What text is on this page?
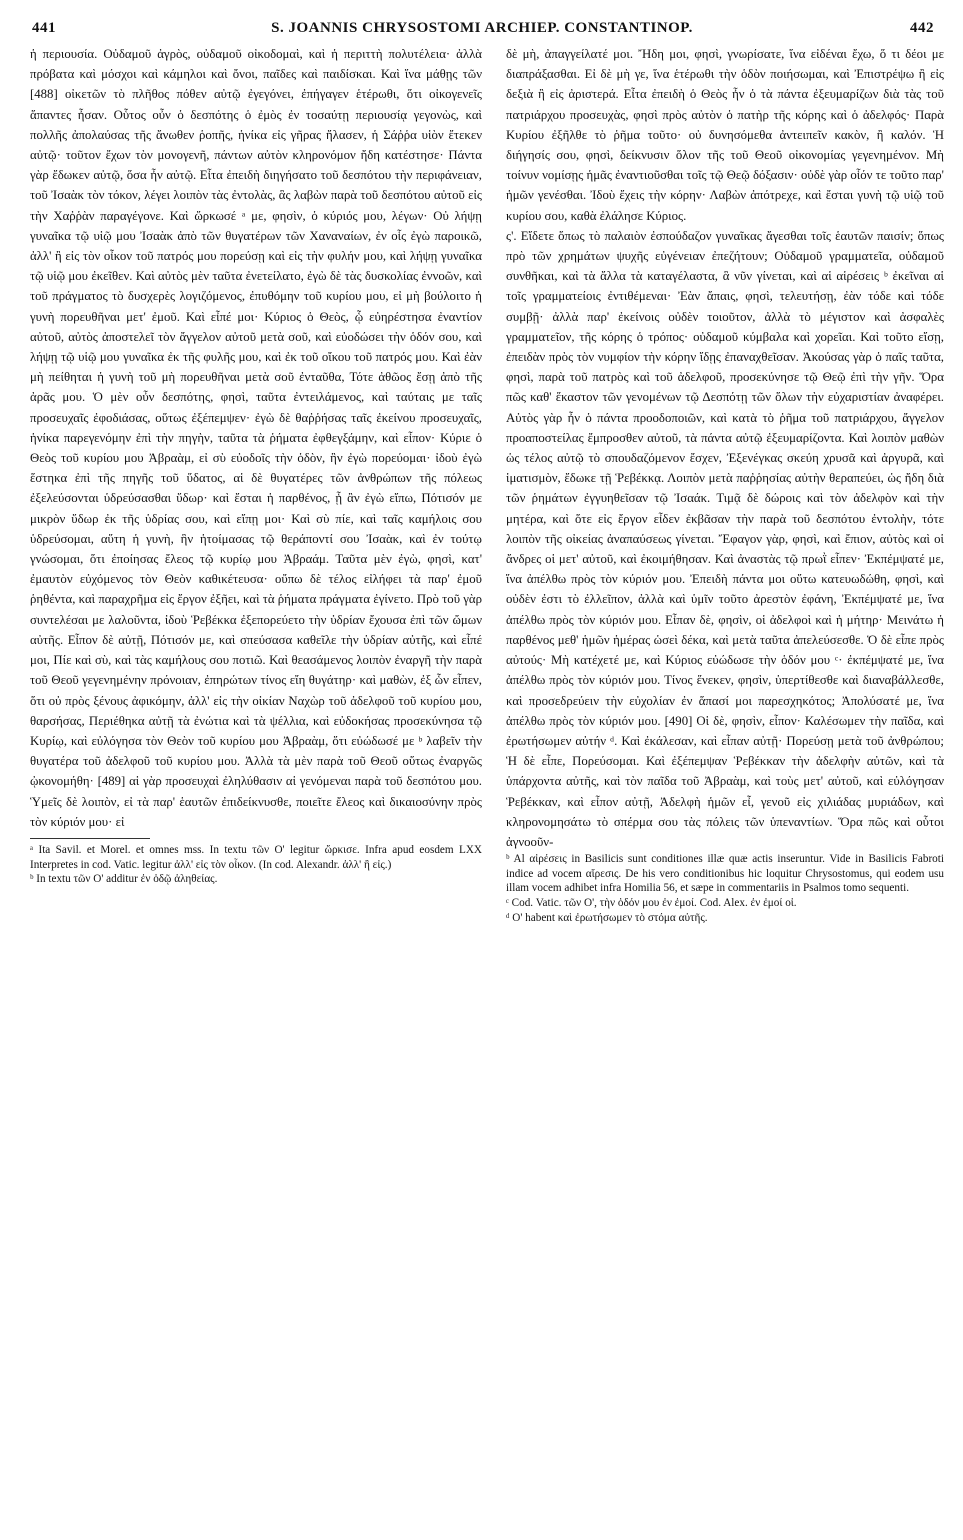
441	S. JOANNIS CHRYSOSTOMI ARCHIEP. CONSTANTINOP.	442

ἡ περιουσία. Οὐδαμοῦ ἀγρὸς, οὐδαμοῦ οἰκοδομαὶ, καὶ ἡ περιττὴ πολυτέλεια· ἀλλὰ πρόβατα καὶ μόσχοι καὶ κάμηλοι καὶ ὄνοι, παῖδες καὶ παιδίσκαι. Καὶ ἵνα μάθῃς τῶν [488] οἰκετῶν τὸ πλῆθος πόθεν αὐτῷ ἐγεγόνει, ἐπήγαγεν ἑτέρωθι, ὅτι οἰκογενεῖς ἅπαντες ἦσαν. Οὗτος οὖν ὁ δεσπότης ὁ ἐμὸς ἐν τοσαύτῃ περιουσίᾳ γεγονὼς, καὶ πολλῆς ἀπολαύσας τῆς ἄνωθεν ῥοπῆς, ἡνίκα εἰς γῆρας ἤλασεν, ἡ Σάῤῥα υἱὸν ἔτεκεν αὐτῷ· τοῦτον ἔχων τὸν μονογενῆ, πάντων αὐτὸν κληρονόμον ἤδη κατέστησε· Πάντα γὰρ ἔδωκεν αὐτῷ, ὅσα ἦν αὐτῷ. Εἶτα ἐπειδὴ διηγήσατο τοῦ δεσπότου τὴν περιφάνειαν, τοῦ Ἰσαὰκ τὸν τόκον, λέγει λοιπὸν τὰς ἐντολὰς, ἃς λαβὼν παρὰ τοῦ δεσπότου αὐτοῦ εἰς τὴν Χαῤῥὰν παραγέγονε. Καὶ ὥρκωσέ ᵃ με, φησὶν, ὁ κύριός μου, λέγων· Οὐ λήψῃ γυναῖκα τῷ υἱῷ μου Ἰσαὰκ ἀπὸ τῶν θυγατέρων τῶν Χαναναίων, ἐν οἷς ἐγὼ παροικῶ, ἀλλ' ἢ εἰς τὸν οἶκον τοῦ πατρός μου πορεύσῃ καὶ εἰς τὴν φυλήν μου, καὶ λήψῃ γυναῖκα τῷ υἱῷ μου ἐκεῖθεν. Καὶ αὐτὸς μὲν ταῦτα ἐνετείλατο, ἐγὼ δὲ τὰς δυσκολίας ἐννοῶν, καὶ τοῦ πράγματος τὸ δυσχερὲς λογιζόμενος, ἐπυθόμην τοῦ κυρίου μου, εἰ μὴ βούλοιτο ἡ γυνὴ πορευθῆναι μετ' ἐμοῦ. Καὶ εἶπέ μοι· Κύριος ὁ Θεὸς, ᾧ εὐηρέστησα ἐναντίον αὐτοῦ, αὐτὸς ἀποστελεῖ τὸν ἄγγελον αὐτοῦ μετὰ σοῦ, καὶ εὐοδώσει τὴν ὁδόν σου, καὶ λήψῃ τῷ υἱῷ μου γυναῖκα ἐκ τῆς φυλῆς μου, καὶ ἐκ τοῦ οἴκου τοῦ πατρός μου. Καὶ ἐὰν μὴ πείθηται ἡ γυνὴ τοῦ μὴ πορευθῆναι μετὰ σοῦ ἐνταῦθα, Τότε ἀθῶος ἔσῃ ἀπὸ τῆς ἀρᾶς μου. Ὁ μὲν οὖν δεσπότης, φησὶ, ταῦτα ἐντειλάμενος, καὶ ταύταις με ταῖς προσευχαῖς ἐφοδιάσας, οὕτως ἐξέπεμψεν· ἐγὼ δὲ θαῤῥήσας ταῖς ἐκείνου προσευχαῖς, ἡνίκα παρεγενόμην ἐπὶ τὴν πηγὴν, ταῦτα τὰ ῥήματα ἐφθεγξάμην, καὶ εἶπον· Κύριε ὁ Θεὸς τοῦ κυρίου μου Ἀβραὰμ, εἰ σὺ εὐοδοῖς τὴν ὁδὸν, ἣν ἐγὼ πορεύομαι· ἰδοὺ ἐγὼ ἕστηκα ἐπὶ τῆς πηγῆς τοῦ ὕδατος, αἱ δὲ θυγατέρες τῶν ἀνθρώπων τῆς πόλεως ἐξελεύσονται ὑδρεύσασθαι ὕδωρ· καὶ ἔσται ἡ παρθένος, ᾗ ἂν ἐγὼ εἴπω, Πότισόν με μικρὸν ὕδωρ ἐκ τῆς ὑδρίας σου, καὶ εἴπῃ μοι· Καὶ σὺ πίε, καὶ ταῖς καμήλοις σου ὑδρεύσομαι, αὕτη ἡ γυνὴ, ἣν ἡτοίμασας τῷ θεράποντί σου Ἰσαὰκ, καὶ ἐν τούτῳ γνώσομαι, ὅτι ἐποίησας ἔλεος τῷ κυρίῳ μου Ἀβραάμ. Ταῦτα μὲν ἐγὼ, φησὶ, κατ' ἐμαυτὸν εὐχόμενος τὸν Θεὸν καθικέτευσα· οὔπω δὲ τέλος εἰλήφει τὰ παρ' ἐμοῦ ῥηθέντα, καὶ παραχρῆμα εἰς ἔργον ἐξῆει, καὶ τὰ ῥήματα πράγματα ἐγίνετο. Πρὸ τοῦ γὰρ συντελέσαι με λαλοῦντα, ἰδοὺ Ῥεβέκκα ἐξεπορεύετο τὴν ὑδρίαν ἔχουσα ἐπὶ τῶν ὤμων αὐτῆς. Εἶπον δὲ αὐτῇ, Πότισόν με, καὶ σπεύσασα καθεῖλε τὴν ὑδρίαν αὐτῆς, καὶ εἶπέ μοι, Πίε καὶ σὺ, καὶ τὰς καμήλους σου ποτιῶ. Καὶ θεασάμενος λοιπὸν ἐναργῆ τὴν παρὰ τοῦ Θεοῦ γεγενημένην πρόνοιαν, ἐπηρώτων τίνος εἴη θυγάτηρ· καὶ μαθὼν, ἐξ ὧν εἶπεν, ὅτι οὐ πρὸς ξένους ἀφικόμην, ἀλλ' εἰς τὴν οἰκίαν Ναχὼρ τοῦ ἀδελφοῦ τοῦ κυρίου μου, θαρσήσας, Περιέθηκα αὐτῇ τὰ ἐνώτια καὶ τὰ ψέλλια, καὶ εὐδοκήσας προσεκύνησα τῷ Κυρίῳ, καὶ εὐλόγησα τὸν Θεὸν τοῦ κυρίου μου Ἀβραὰμ, ὅτι εὐώδωσέ με ᵇ λαβεῖν τὴν θυγατέρα τοῦ ἀδελφοῦ τοῦ κυρίου μου. Ἀλλὰ τὰ μὲν παρὰ τοῦ Θεοῦ οὕτως ἐναργῶς ᾠκονομήθη· [489] αἱ γὰρ προσευχαὶ ἐληλύθασιν αἱ γενόμεναι παρὰ τοῦ δεσπότου μου. Ὑμεῖς δὲ λοιπὸν, εἰ τὰ παρ' ἑαυτῶν ἐπιδείκνυσθε, ποιεῖτε ἔλεος καὶ δικαιοσύνην πρὸς τὸν κύριόν μου· εἰ

ᵃ Ita Savil. et Morel. et omnes mss. In textu τῶν O' legitur ὥρκισε. Infra apud eosdem LXX Interpretes in cod. Vatic. legitur ἀλλ' εἰς τὸν οἶκον. (In cod. Alexandr. ἀλλ' ἢ εἰς.)

ᵇ In textu τῶν O' additur ἐν ὁδῷ ἀληθείας.

δὲ μὴ, ἀπαγγείλατέ μοι. Ἤδη μοι, φησὶ, γνωρίσατε, ἵνα εἰδέναι ἔχω, ὅ τι δέοι με διαπράξασθαι. Εἰ δὲ μὴ γε, ἵνα ἑτέρωθι τὴν ὁδὸν ποιήσωμαι, καὶ Ἐπιστρέψω ἢ εἰς δεξιὰ ἢ εἰς ἀριστερά. Εἶτα ἐπειδὴ ὁ Θεὸς ἦν ὁ τὰ πάντα ἐξευμαρίζων διὰ τὰς τοῦ πατριάρχου προσευχὰς, φησὶ πρὸς αὐτὸν ὁ πατὴρ τῆς κόρης καὶ ὁ ἀδελφός· Παρὰ Κυρίου ἐξῆλθε τὸ ῥῆμα τοῦτο· οὐ δυνησόμεθα ἀντειπεῖν κακὸν, ἢ καλόν. Ἡ διήγησίς σου, φησὶ, δείκνυσιν ὅλον τῆς τοῦ Θεοῦ οἰκονομίας γεγενημένον. Μὴ τοίνυν νομίσῃς ἡμᾶς ἐναντιοῦσθαι τοῖς τῷ Θεῷ δόξασιν· οὐδὲ γὰρ οἷόν τε τοῦτο παρ' ἡμῶν γενέσθαι. Ἰδοὺ ἔχεις τὴν κόρην· Λαβὼν ἀπότρεχε, καὶ ἔσται γυνὴ τῷ υἱῷ τοῦ κυρίου σου, καθὰ ἐλάλησε Κύριος.

ς'. Εἴδετε ὅπως τὸ παλαιὸν ἐσπούδαζον γυναῖκας ἄγεσθαι τοῖς ἑαυτῶν παισίν; ὅπως πρὸ τῶν χρημάτων ψυχῆς εὐγένειαν ἐπεζήτουν; Οὐδαμοῦ γραμματεῖα, οὐδαμοῦ συνθῆκαι, καὶ τὰ ἄλλα τὰ καταγέλαστα, ἃ νῦν γίνεται, καὶ αἱ αἱρέσεις ᵇ ἐκεῖναι αἱ τοῖς γραμματείοις ἐντιθέμεναι· Ἐὰν ἄπαις, φησὶ, τελευτήσῃ, ἐὰν τόδε καὶ τόδε συμβῇ· ἀλλὰ παρ' ἐκείνοις οὐδὲν τοιοῦτον, ἀλλὰ τὸ μέγιστον καὶ ἀσφαλὲς γραμματεῖον, τῆς κόρης ὁ τρόπος· οὐδαμοῦ κύμβαλα καὶ χορεῖαι. Καὶ τοῦτο εἴσῃ, ἐπειδὰν πρὸς τὸν νυμφίον τὴν κόρην ἴδῃς ἐπαναχθεῖσαν. Ἀκούσας γὰρ ὁ παῖς ταῦτα, φησὶ, παρὰ τοῦ πατρὸς καὶ τοῦ ἀδελφοῦ, προσεκύνησε τῷ Θεῷ ἐπὶ τὴν γῆν. Ὅρα πῶς καθ' ἕκαστον τῶν γενομένων τῷ Δεσπότῃ τῶν ὅλων τὴν εὐχαριστίαν ἀναφέρει. Αὐτὸς γὰρ ἦν ὁ πάντα προοδοποιῶν, καὶ κατὰ τὸ ῥῆμα τοῦ πατριάρχου, ἄγγελον προαποστείλας ἔμπροσθεν αὐτοῦ, τὰ πάντα αὐτῷ ἐξευμαρίζοντα. Καὶ λοιπὸν μαθὼν ὡς τέλος αὐτῷ τὸ σπουδαζόμενον ἔσχεν, Ἐξενέγκας σκεύη χρυσᾶ καὶ ἀργυρᾶ, καὶ ἱματισμὸν, ἔδωκε τῇ Ῥεβέκκᾳ. Λοιπὸν μετὰ παῤῥησίας αὐτὴν θεραπεύει, ὡς ἤδη διὰ τῶν ῥημάτων ἐγγυηθεῖσαν τῷ Ἰσαάκ. Τιμᾷ δὲ δώροις καὶ τὸν ἀδελφὸν καὶ τὴν μητέρα, καὶ ὅτε εἰς ἔργον εἶδεν ἐκβᾶσαν τὴν παρὰ τοῦ δεσπότου ἐντολὴν, τότε λοιπὸν τῆς οἰκείας ἀναπαύσεως γίνεται. Ἔφαγον γὰρ, φησὶ, καὶ ἔπιον, αὐτὸς καὶ οἱ ἄνδρες οἱ μετ' αὐτοῦ, καὶ ἐκοιμήθησαν. Καὶ ἀναστὰς τῷ πρωῒ εἶπεν· Ἐκπέμψατέ με, ἵνα ἀπέλθω πρὸς τὸν κύριόν μου. Ἐπειδὴ πάντα μοι οὕτω κατευωδώθη, φησὶ, καὶ οὐδὲν ἐστι τὸ ἐλλεῖπον, ἀλλὰ καὶ ὑμῖν τοῦτο ἀρεστὸν ἐφάνη, Ἐκπέμψατέ με, ἵνα ἀπέλθω πρὸς τὸν κύριόν μου. Εἶπαν δὲ, φησὶν, οἱ ἀδελφοὶ καὶ ἡ μήτηρ· Μεινάτω ἡ παρθένος μεθ' ἡμῶν ἡμέρας ὡσεὶ δέκα, καὶ μετὰ ταῦτα ἀπελεύσεσθε. Ὁ δὲ εἶπε πρὸς αὐτούς· Μὴ κατέχετέ με, καὶ Κύριος εὐώδωσε τὴν ὁδόν μου ᶜ· ἐκπέμψατέ με, ἵνα ἀπέλθω πρὸς τὸν κύριόν μου. Τίνος ἕνεκεν, φησὶν, ὑπερτίθεσθε καὶ διαναβάλλεσθε, καὶ προσεδρεύειν τὴν εὐχολίαν ἐν ἅπασί μοι παρεσχηκότος; Ἀπολύσατέ με, ἵνα ἀπέλθω πρὸς τὸν κύριόν μου. [490] Οἱ δὲ, φησὶν, εἶπον· Καλέσωμεν τὴν παῖδα, καὶ ἐρωτήσωμεν αὐτήν ᵈ. Καὶ ἐκάλεσαν, καὶ εἶπαν αὐτῇ· Πορεύσῃ μετὰ τοῦ ἀνθρώπου; Ἡ δὲ εἶπε, Πορεύσομαι. Καὶ ἐξέπεμψαν Ῥεβέκκαν τὴν ἀδελφὴν αὐτῶν, καὶ τὰ ὑπάρχοντα αὐτῆς, καὶ τὸν παῖδα τοῦ Ἀβραὰμ, καὶ τοὺς μετ' αὐτοῦ, καὶ εὐλόγησαν Ῥεβέκκαν, καὶ εἶπον αὐτῇ, Ἀδελφὴ ἡμῶν εἶ, γενοῦ εἰς χιλιάδας μυριάδων, καὶ κληρονομησάτω τὸ σπέρμα σου τὰς πόλεις τῶν ὑπεναντίων. Ὅρα πῶς καὶ οὗτοι ἀγνοοῦν-

ᵇ Al αἱρέσεις in Basilicis sunt conditiones illæ quæ actis inseruntur. Vide in Basilicis Fabroti indice ad vocem αἵρεσις. De his vero conditionibus hic loquitur Chrysostomus, qui eodem usu illam vocem adhibet infra Homilia 56, et sæpe in commentariis in Psalmos tomo sequenti.

ᶜ Cod. Vatic. τῶν O', τὴν ὁδόν μου ἐν ἐμοί. Cod. Alex. ἐν ἐμοί οἱ.

ᵈ O' habent καὶ ἐρωτήσωμεν τὸ στόμα αὐτῆς.
